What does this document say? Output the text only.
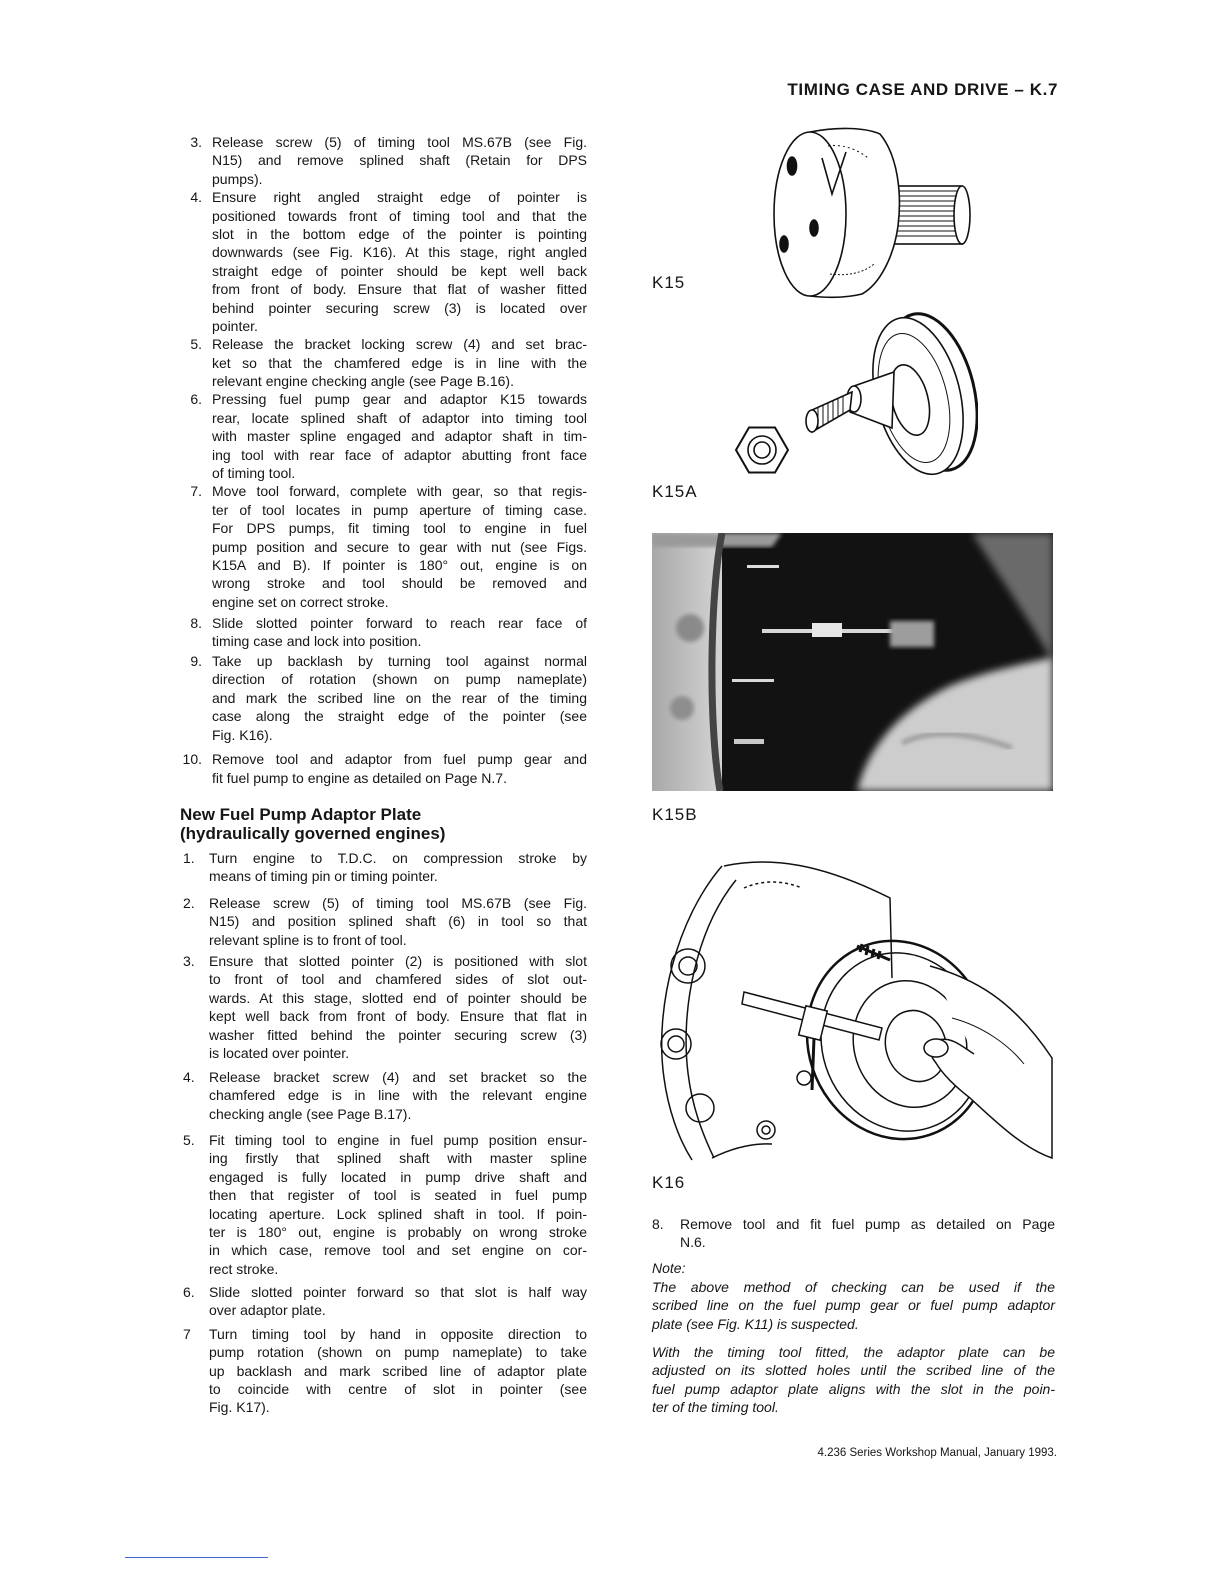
TIMING CASE AND DRIVE – K.7
3. Release screw (5) of timing tool MS.67B (see Fig.
N15) and remove splined shaft (Retain for DPS
pumps).
4. Ensure right angled straight edge of pointer is
positioned towards front of timing tool and that the
slot in the bottom edge of the pointer is pointing
downwards (see Fig. K16). At this stage, right angled
straight edge of pointer should be kept well back
from front of body. Ensure that flat of washer fitted
behind pointer securing screw (3) is located over
pointer.
5. Release the bracket locking screw (4) and set brac-
ket so that the chamfered edge is in line with the
relevant engine checking angle (see Page B.16).
6. Pressing fuel pump gear and adaptor K15 towards
rear, locate splined shaft of adaptor into timing tool
with master spline engaged and adaptor shaft in tim-
ing tool with rear face of adaptor abutting front face
of timing tool.
7. Move tool forward, complete with gear, so that regis-
ter of tool locates in pump aperture of timing case.
For DPS pumps, fit timing tool to engine in fuel
pump position and secure to gear with nut (see Figs.
K15A and B). If pointer is 180° out, engine is on
wrong stroke and tool should be removed and
engine set on correct stroke.
8. Slide slotted pointer forward to reach rear face of
timing case and lock into position.
9. Take up backlash by turning tool against normal
direction of rotation (shown on pump nameplate)
and mark the scribed line on the rear of the timing
case along the straight edge of the pointer (see
Fig. K16).
10. Remove tool and adaptor from fuel pump gear and
fit fuel pump to engine as detailed on Page N.7.
New Fuel Pump Adaptor Plate
(hydraulically governed engines)
1.	Turn engine to T.D.C. on compression stroke by
means of timing pin or timing pointer.
2.	Release screw (5) of timing tool MS.67B (see Fig.
N15) and position splined shaft (6) in tool so that
relevant spline is to front of tool.
3.	Ensure that slotted pointer (2) is positioned with slot
to front of tool and chamfered sides of slot out-
wards. At this stage, slotted end of pointer should be
kept well back from front of body. Ensure that flat in
washer fitted behind the pointer securing screw (3)
is located over pointer.
4.	Release bracket screw (4) and set bracket so the
chamfered edge is in line with the relevant engine
checking angle (see Page B.17).
5.	Fit timing tool to engine in fuel pump position ensur-
ing firstly that splined shaft with master spline
engaged is fully located in pump drive shaft and
then that register of tool is seated in fuel pump
locating aperture. Lock splined shaft in tool. If poin-
ter is 180° out, engine is probably on wrong stroke
in which case, remove tool and set engine on cor-
rect stroke.
6.	Slide slotted pointer forward so that slot is half way
over adaptor plate.
7	Turn timing tool by hand in opposite direction to
pump rotation (shown on pump nameplate) to take
up backlash and mark scribed line of adaptor plate
to coincide with centre of slot in pointer (see
Fig. K17).
K15
K15A
K15B
K16
8.	Remove tool and fit fuel pump as detailed on Page
N.6.
Note:
The above method of checking can be used if the
scribed line on the fuel pump gear or fuel pump adaptor
plate (see Fig. K11) is suspected.
With the timing tool fitted, the adaptor plate can be
adjusted on its slotted holes until the scribed line of the
fuel pump adaptor plate aligns with the slot in the poin-
ter of the timing tool.
4.236 Series Workshop Manual, January 1993.
